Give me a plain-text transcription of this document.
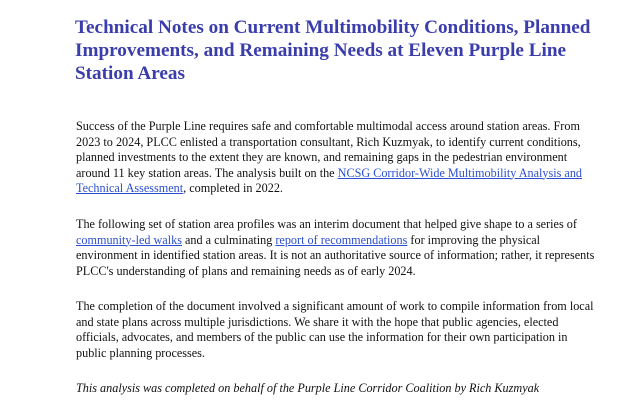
Technical Notes on Current Multimobility Conditions, Planned Improvements, and Remaining Needs at Eleven Purple Line Station Areas

Success of the Purple Line requires safe and comfortable multimodal access around station areas. From 2023 to 2024, PLCC enlisted a transportation consultant, Rich Kuzmyak, to identify current conditions, planned investments to the extent they are known, and remaining gaps in the pedestrian environment around 11 key station areas. The analysis built on the NCSG Corridor-Wide Multimobility Analysis and Technical Assessment, completed in 2022.

The following set of station area profiles was an interim document that helped give shape to a series of community-led walks and a culminating report of recommendations for improving the physical environment in identified station areas. It is not an authoritative source of information; rather, it represents PLCC's understanding of plans and remaining needs as of early 2024.

The completion of the document involved a significant amount of work to compile information from local and state plans across multiple jurisdictions. We share it with the hope that public agencies, elected officials, advocates, and members of the public can use the information for their own participation in public planning processes.

This analysis was completed on behalf of the Purple Line Corridor Coalition by Rich Kuzmyak
